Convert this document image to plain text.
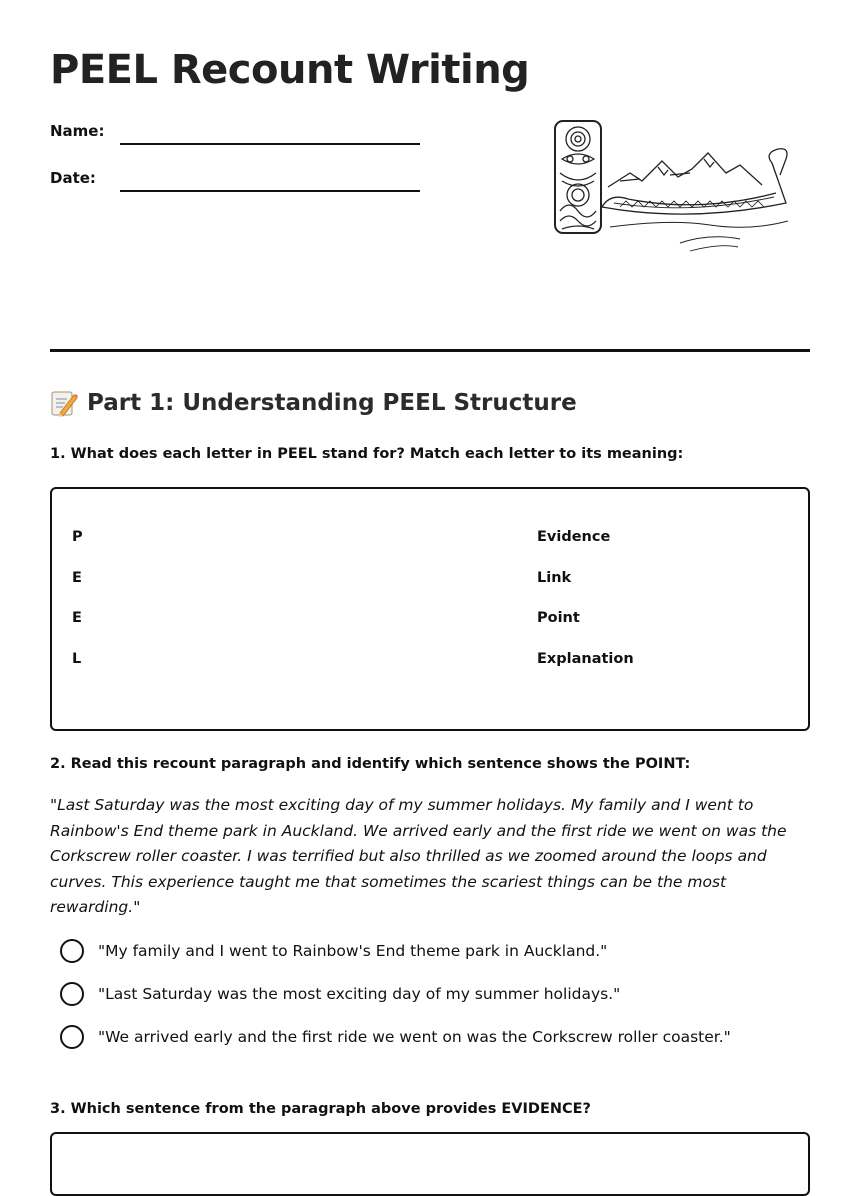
PEEL Recount Writing
Name:
Date:
Part 1: Understanding PEEL Structure
1. What does each letter in PEEL stand for? Match each letter to its meaning:
P
E
E
L
Evidence
Link
Point
Explanation
2. Read this recount paragraph and identify which sentence shows the POINT:

"Last Saturday was the most exciting day of my summer holidays. My family and I went to Rainbow's End theme park in Auckland. We arrived early and the first ride we went on was the Corkscrew roller coaster. I was terrified but also thrilled as we zoomed around the loops and curves. This experience taught me that sometimes the scariest things can be the most rewarding."

"My family and I went to Rainbow's End theme park in Auckland."
"Last Saturday was the most exciting day of my summer holidays."
"We arrived early and the first ride we went on was the Corkscrew roller coaster."
3. Which sentence from the paragraph above provides EVIDENCE?
